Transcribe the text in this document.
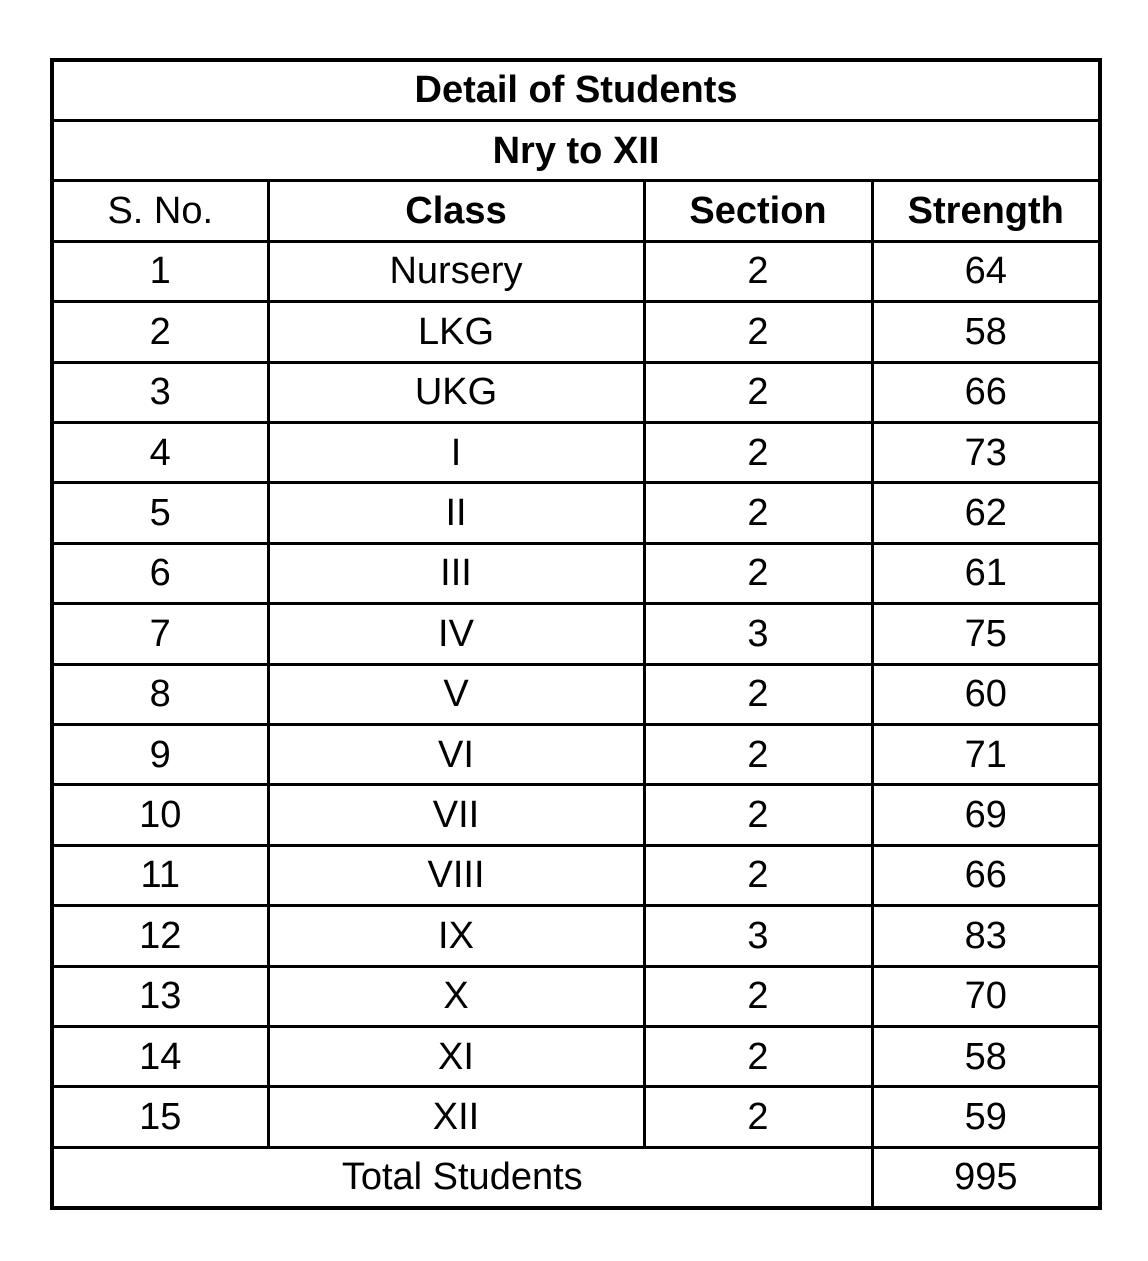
Detail of Students			
Nry to XII			
S. No.	Class	Section	Strength
1	Nursery	2	64
2	LKG	2	58
3	UKG	2	66
4	I	2	73
5	II	2	62
6	III	2	61
7	IV	3	75
8	V	2	60
9	VI	2	71
10	VII	2	69
11	VIII	2	66
12	IX	3	83
13	X	2	70
14	XI	2	58
15	XII	2	59
Total Students			995
